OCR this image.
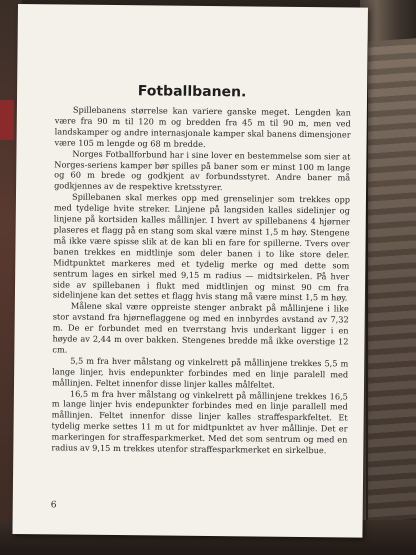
Fotballbanen.

Spillebanens størrelse kan variere ganske meget. Lengden kan være fra 90 m til 120 m og bredden fra 45 m til 90 m, men ved landskamper og andre internasjonale kamper skal banens dimensjoner være 105 m lengde og 68 m bredde.

Norges Fotballforbund har i sine lover en bestemmelse som sier at Norges-seriens kamper bør spilles på baner som er minst 100 m lange og 60 m brede og godkjent av forbundsstyret. Andre baner må godkjennes av de respektive kretsstyrer.

Spillebanen skal merkes opp med grenselinjer som trekkes opp med tydelige hvite streker. Linjene på langsiden kalles sidelinjer og linjene på kortsiden kalles mållinjer. I hvert av spillebanens 4 hjørner plaseres et flagg på en stang som skal være minst 1,5 m høy. Stengene må ikke være spisse slik at de kan bli en fare for spillerne. Tvers over banen trekkes en midtlinje som deler banen i to like store deler. Midtpunktet markeres med et tydelig merke og med dette som sentrum lages en sirkel med 9,15 m radius — midtsirkelen. På hver side av spillebanen i flukt med midtlinjen og minst 90 cm fra sidelinjene kan det settes et flagg hvis stang må være minst 1,5 m høy.

Målene skal være oppreiste stenger anbrakt på mållinjene i like stor avstand fra hjørneflaggene og med en innbyrdes avstand av 7,32 m. De er forbundet med en tverrstang hvis underkant ligger i en høyde av 2,44 m over bakken. Stengenes bredde må ikke overstige 12 cm.

5,5 m fra hver målstang og vinkelrett på mållinjene trekkes 5,5 m lange linjer, hvis endepunkter forbindes med en linje paralell med mållinjen. Feltet innenfor disse linjer kalles målfeltet.

16,5 m fra hver målstang og vinkelrett på mållinjene trekkes 16,5 m lange linjer hvis endepunkter forbindes med en linje parallell med mållinjen. Feltet innenfor disse linjer kalles straffesparkfeltet. Et tydelig merke settes 11 m ut for midtpunktet av hver mållinje. Det er markeringen for straffesparkmerket. Med det som sentrum og med en radius av 9,15 m trekkes utenfor straffesparkmerket en sirkelbue.

6
